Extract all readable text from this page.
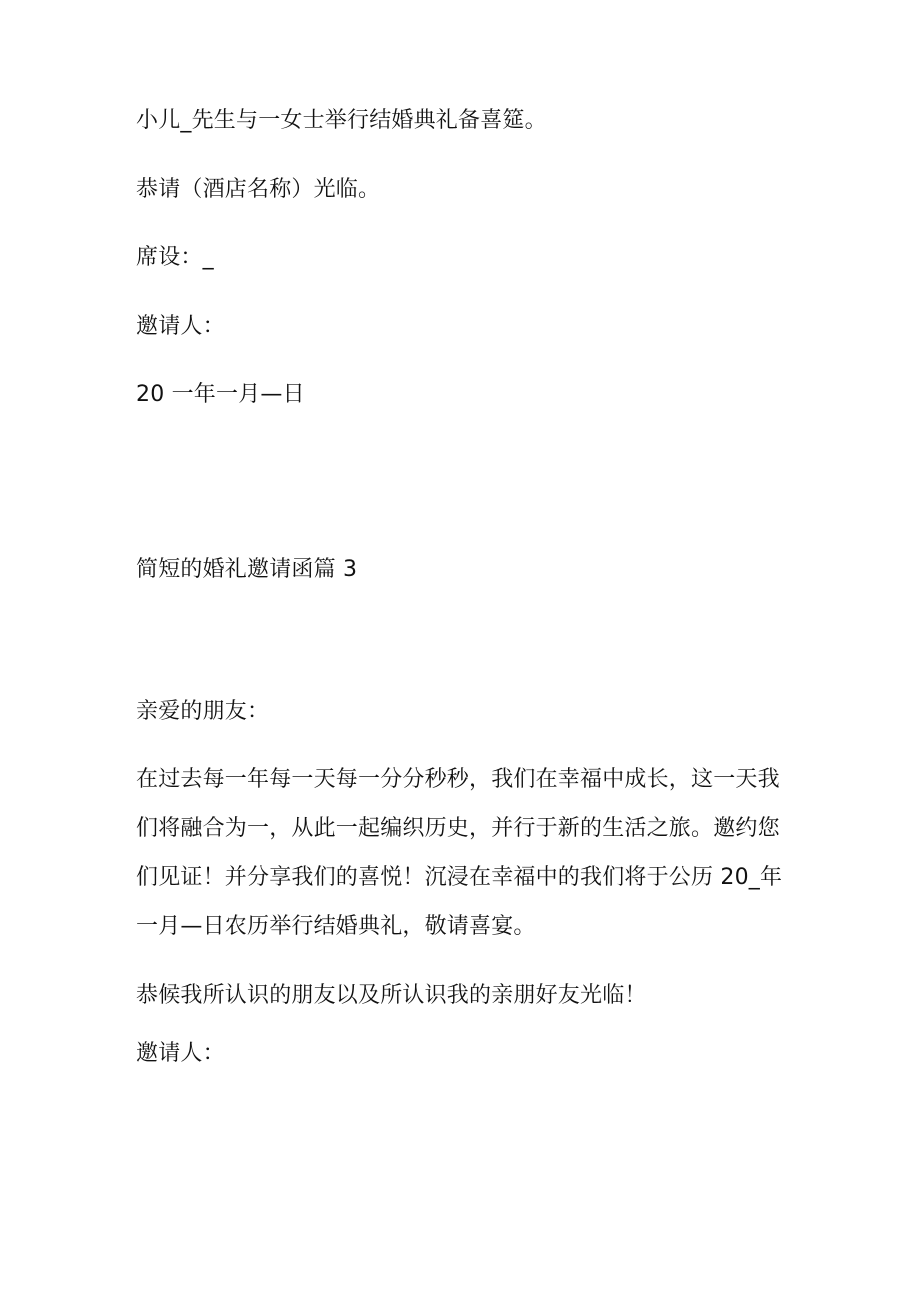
小儿_先生与一女士举行结婚典礼备喜筵。
恭请（酒店名称）光临。
席设：_
邀请人：
20 一年一月—日
简短的婚礼邀请函篇 3
亲爱的朋友：
在过去每一年每一天每一分分秒秒，我们在幸福中成长，这一天我
们将融合为一，从此一起编织历史，并行于新的生活之旅。邀约您
们见证！并分享我们的喜悦！沉浸在幸福中的我们将于公历 20_年
一月—日农历举行结婚典礼，敬请喜宴。
恭候我所认识的朋友以及所认识我的亲朋好友光临！
邀请人：
